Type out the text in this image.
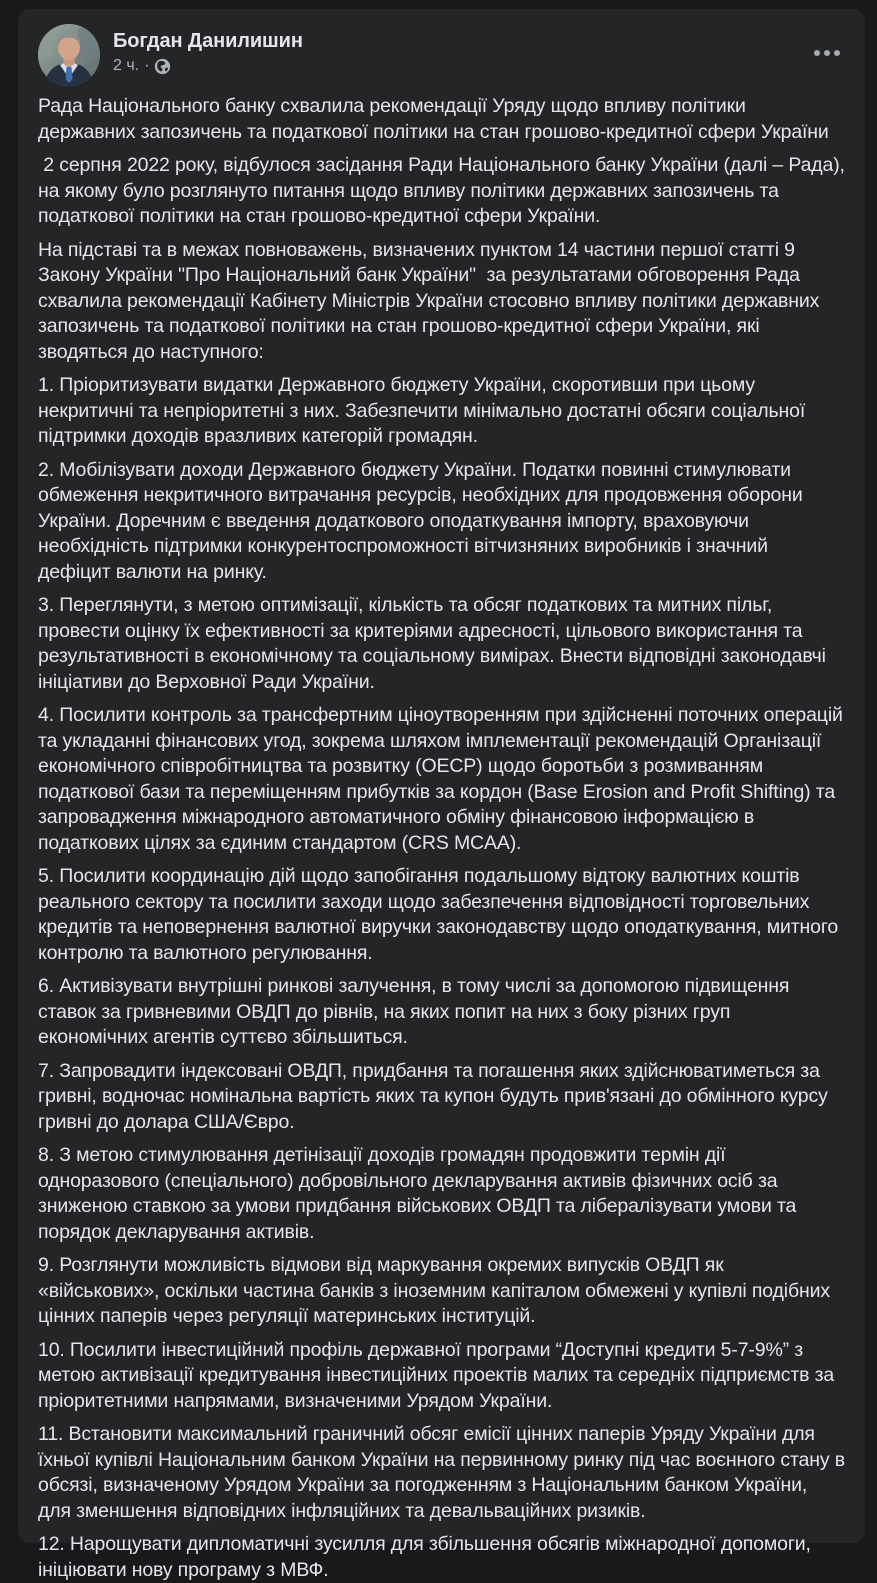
Богдан Данилишин
2 ч. ·

Рада Національного банку схвалила рекомендації Уряду щодо впливу політики державних запозичень та податкової політики на стан грошово-кредитної сфери України

2 серпня 2022 року, відбулося засідання Ради Національного банку України (далі – Рада), на якому було розглянуто питання щодо впливу політики державних запозичень та податкової політики на стан грошово-кредитної сфери України.

На підставі та в межах повноважень, визначених пунктом 14 частини першої статті 9 Закону України "Про Національний банк України"  за результатами обговорення Рада схвалила рекомендації Кабінету Міністрів України стосовно впливу політики державних запозичень та податкової політики на стан грошово-кредитної сфери України, які зводяться до наступного:

1. Пріоритизувати видатки Державного бюджету України, скоротивши при цьому некритичні та непріоритетні з них. Забезпечити мінімально достатні обсяги соціальної підтримки доходів вразливих категорій громадян.

2. Мобілізувати доходи Державного бюджету України. Податки повинні стимулювати обмеження некритичного витрачання ресурсів, необхідних для продовження оборони України. Доречним є введення додаткового оподаткування імпорту, враховуючи необхідність підтримки конкурентоспроможності вітчизняних виробників і значний дефіцит валюти на ринку.

3. Переглянути, з метою оптимізації, кількість та обсяг податкових та митних пільг, провести оцінку їх ефективності за критеріями адресності, цільового використання та результативності в економічному та соціальному вимірах. Внести відповідні законодавчі ініціативи до Верховної Ради України.

4. Посилити контроль за трансфертним ціноутворенням при здійсненні поточних операцій та укладанні фінансових угод, зокрема шляхом імплементації рекомендацій Організації економічного співробітництва та розвитку (ОЕСР) щодо боротьби з розмиванням податкової бази та переміщенням прибутків за кордон (Base Erosion and Profit Shifting) та запровадження міжнародного автоматичного обміну фінансовою інформацією в податкових цілях за єдиним стандартом (CRS MCAA).

5. Посилити координацію дій щодо запобігання подальшому відтоку валютних коштів реального сектору та посилити заходи щодо забезпечення відповідності торговельних кредитів та неповернення валютної виручки законодавству щодо оподаткування, митного контролю та валютного регулювання.

6. Активізувати внутрішні ринкові залучення, в тому числі за допомогою підвищення ставок за гривневими ОВДП до рівнів, на яких попит на них з боку різних груп економічних агентів суттєво збільшиться.

7. Запровадити індексовані ОВДП, придбання та погашення яких здійснюватиметься за гривні, водночас номінальна вартість яких та купон будуть прив'язані до обмінного курсу гривні до долара США/Євро.

8. З метою стимулювання детінізації доходів громадян продовжити термін дії одноразового (спеціального) добровільного декларування активів фізичних осіб за зниженою ставкою за умови придбання військових ОВДП та лібералізувати умови та порядок декларування активів.

9. Розглянути можливість відмови від маркування окремих випусків ОВДП як «військових», оскільки частина банків з іноземним капіталом обмежені у купівлі подібних цінних паперів через регуляції материнських інституцій.

10. Посилити інвестиційний профіль державної програми “Доступні кредити 5-7-9%” з метою активізації кредитування інвестиційних проектів малих та середніх підприємств за пріоритетними напрямами, визначеними Урядом України.

11. Встановити максимальний граничний обсяг емісії цінних паперів Уряду України для їхньої купівлі Національним банком України на первинному ринку під час воєнного стану в обсязі, визначеному Урядом України за погодженням з Національним банком України, для зменшення відповідних інфляційних та девальваційних ризиків.

12. Нарощувати дипломатичні зусилля для збільшення обсягів міжнародної допомоги, ініціювати нову програму з МВФ.
